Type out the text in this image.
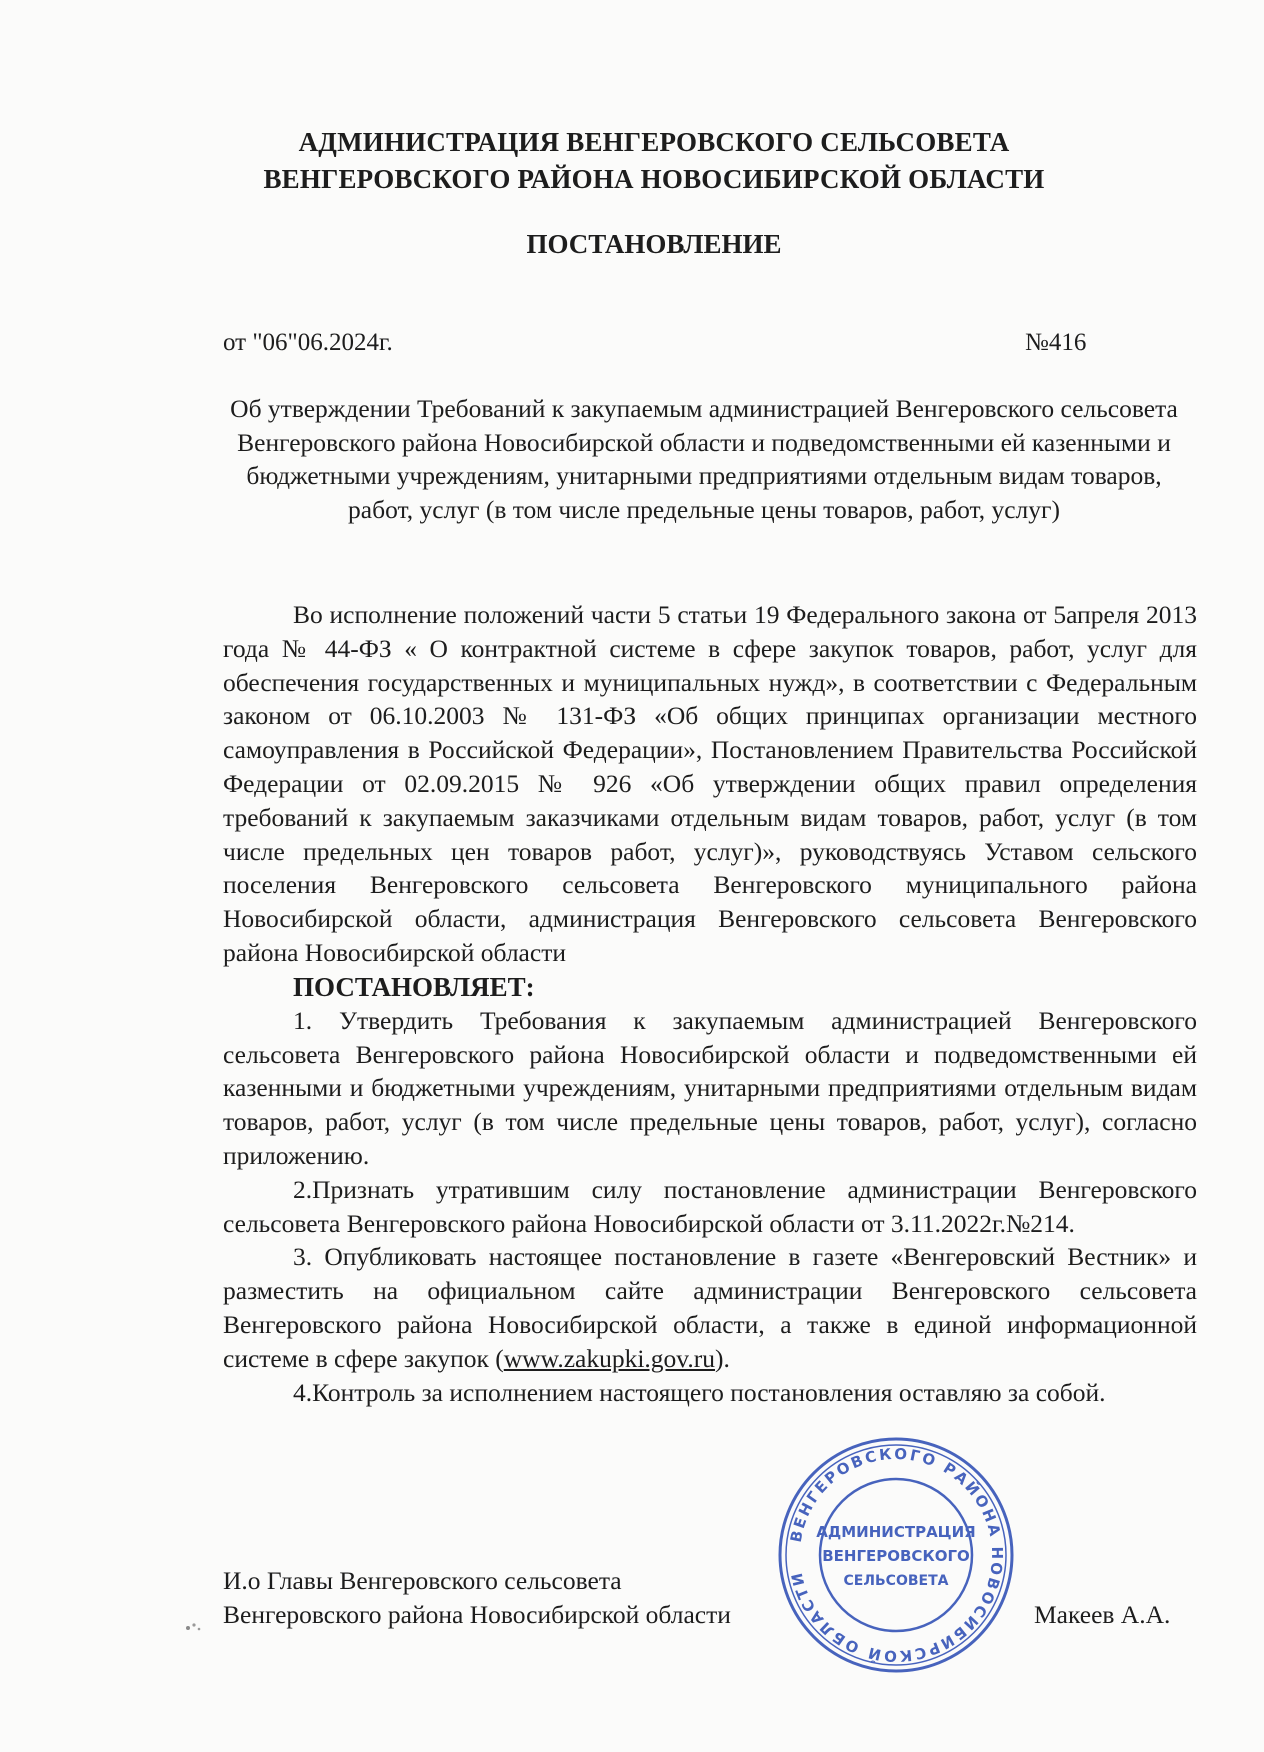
АДМИНИСТРАЦИЯ ВЕНГЕРОВСКОГО СЕЛЬСОВЕТА
ВЕНГЕРОВСКОГО РАЙОНА НОВОСИБИРСКОЙ ОБЛАСТИ
ПОСТАНОВЛЕНИЕ
от "06"06.2024г.	№416
Об утверждении Требований к закупаемым администрацией Венгеровского сельсовета Венгеровского района Новосибирской области и подведомственными ей казенными и бюджетными учреждениям, унитарными предприятиями отдельным видам товаров, работ, услуг (в том числе предельные цены товаров, работ, услуг)

Во исполнение положений части 5 статьи 19 Федерального закона от 5апреля 2013 года № 44-ФЗ « О контрактной системе в сфере закупок товаров, работ, услуг для обеспечения государственных и муниципальных нужд», в соответствии с Федеральным законом от 06.10.2003 № 131-ФЗ «Об общих принципах организации местного самоуправления в Российской Федерации», Постановлением Правительства Российской Федерации от 02.09.2015 № 926 «Об утверждении общих правил определения требований к закупаемым заказчиками отдельным видам товаров, работ, услуг (в том числе предельных цен товаров работ, услуг)», руководствуясь Уставом сельского поселения Венгеровского сельсовета Венгеровского муниципального района Новосибирской области, администрация Венгеровского сельсовета Венгеровского района Новосибирской области

ПОСТАНОВЛЯЕТ:

1. Утвердить Требования к закупаемым администрацией Венгеровского сельсовета Венгеровского района Новосибирской области и подведомственными ей казенными и бюджетными учреждениям, унитарными предприятиями отдельным видам товаров, работ, услуг (в том числе предельные цены товаров, работ, услуг), согласно приложению.

2.Признать утратившим силу постановление администрации Венгеровского сельсовета Венгеровского района Новосибирской области от 3.11.2022г.№214.

3. Опубликовать настоящее постановление в газете «Венгеровский Вестник» и разместить на официальном сайте администрации Венгеровского сельсовета Венгеровского района Новосибирской области, а также в единой информационной системе в сфере закупок (www.zakupki.gov.ru).

4.Контроль за исполнением настоящего постановления оставляю за собой.

И.о Главы Венгеровского сельсовета
Венгеровского района Новосибирской области	Макеев А.А.
ВЕНГЕРОВСКОГО РАЙОНА НОВОСИБИРСКОЙ ОБЛАСТИ
АДМИНИСТРАЦИЯ
ВЕНГЕРОВСКОГО
СЕЛЬСОВЕТА
